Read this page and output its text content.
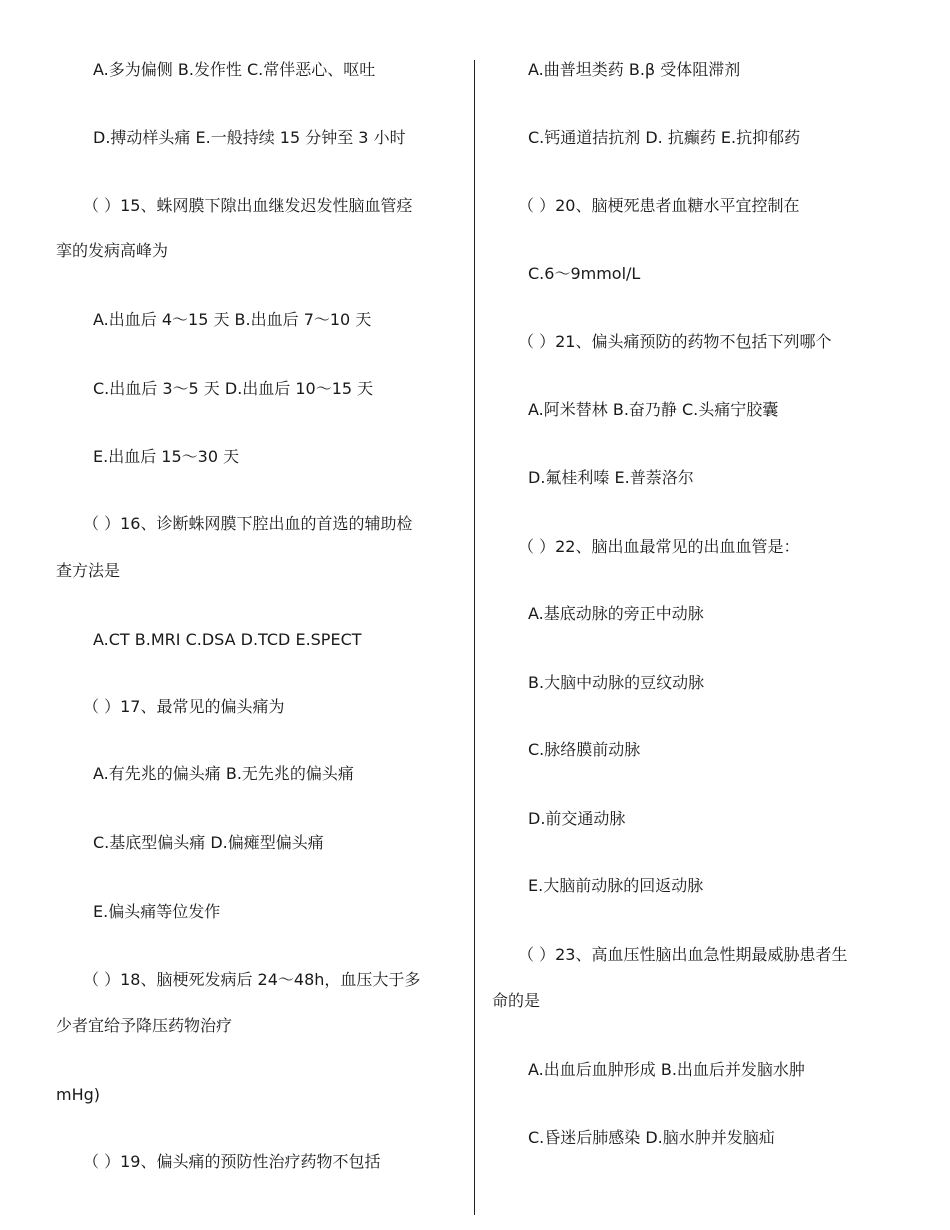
A.多为偏侧 B.发作性 C.常伴恶心、呕吐
D.搏动样头痛 E.一般持续 15 分钟至 3 小时
（ ）15、蛛网膜下隙出血继发迟发性脑血管痉
挛的发病高峰为
A.出血后 4～15 天 B.出血后 7～10 天
C.出血后 3～5 天 D.出血后 10～15 天
E.出血后 15～30 天
（ ）16、诊断蛛网膜下腔出血的首选的辅助检
查方法是
A.CT B.MRI C.DSA D.TCD E.SPECT
（ ）17、最常见的偏头痛为
A.有先兆的偏头痛 B.无先兆的偏头痛
C.基底型偏头痛 D.偏瘫型偏头痛
E.偏头痛等位发作
（ ）18、脑梗死发病后 24～48h，血压大于多
少者宜给予降压药物治疗
mHg)
（ ）19、偏头痛的预防性治疗药物不包括
A.曲普坦类药 B.β 受体阻滞剂
C.钙通道拮抗剂 D. 抗癫药 E.抗抑郁药
（ ）20、脑梗死患者血糖水平宜控制在
C.6～9mmol/L
（ ）21、偏头痛预防的药物不包括下列哪个
A.阿米替林 B.奋乃静 C.头痛宁胶囊
D.氟桂利嗪 E.普萘洛尔
（ ）22、脑出血最常见的出血血管是：
A.基底动脉的旁正中动脉
B.大脑中动脉的豆纹动脉
C.脉络膜前动脉
D.前交通动脉
E.大脑前动脉的回返动脉
（ ）23、高血压性脑出血急性期最威胁患者生
命的是
A.出血后血肿形成 B.出血后并发脑水肿
C.昏迷后肺感染 D.脑水肿并发脑疝
